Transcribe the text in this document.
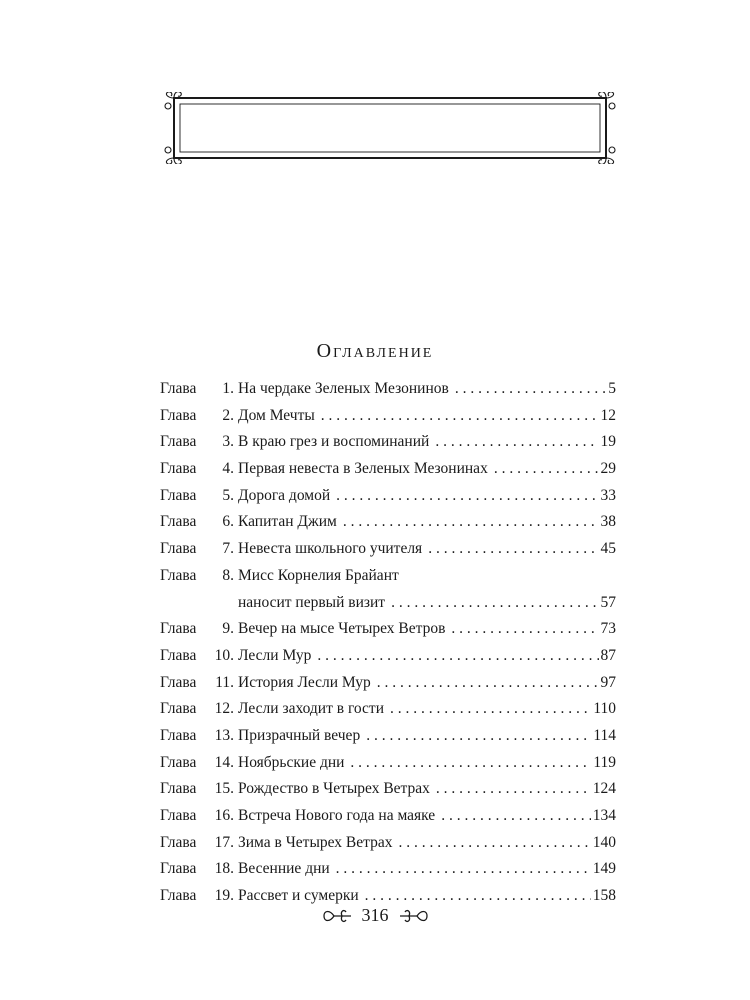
Оглавление
Глава	1. На чердаке Зеленых Мезонинов . . .	5
Глава	2. Дом Мечты . . .	12
Глава	3. В краю грез и воспоминаний . . .	19
Глава	4. Первая невеста в Зеленых Мезонинах . . .	29
Глава	5. Дорога домой . . .	33
Глава	6. Капитан Джим . . .	38
Глава	7. Невеста школьного учителя . . .	45
Глава	8. Мисс Корнелия Брайант
наносит первый визит . . .	57
Глава	9. Вечер на мысе Четырех Ветров . . .	73
Глава	10. Лесли Мур . . .	87
Глава	11. История Лесли Мур . . .	97
Глава	12. Лесли заходит в гости . . .	110
Глава	13. Призрачный вечер . . .	114
Глава	14. Ноябрьские дни . . .	119
Глава	15. Рождество в Четырех Ветрах . . .	124
Глава	16. Встреча Нового года на маяке . . .	134
Глава	17. Зима в Четырех Ветрах . . .	140
Глава	18. Весенние дни . . .	149
Глава	19. Рассвет и сумерки . . .	158
316
